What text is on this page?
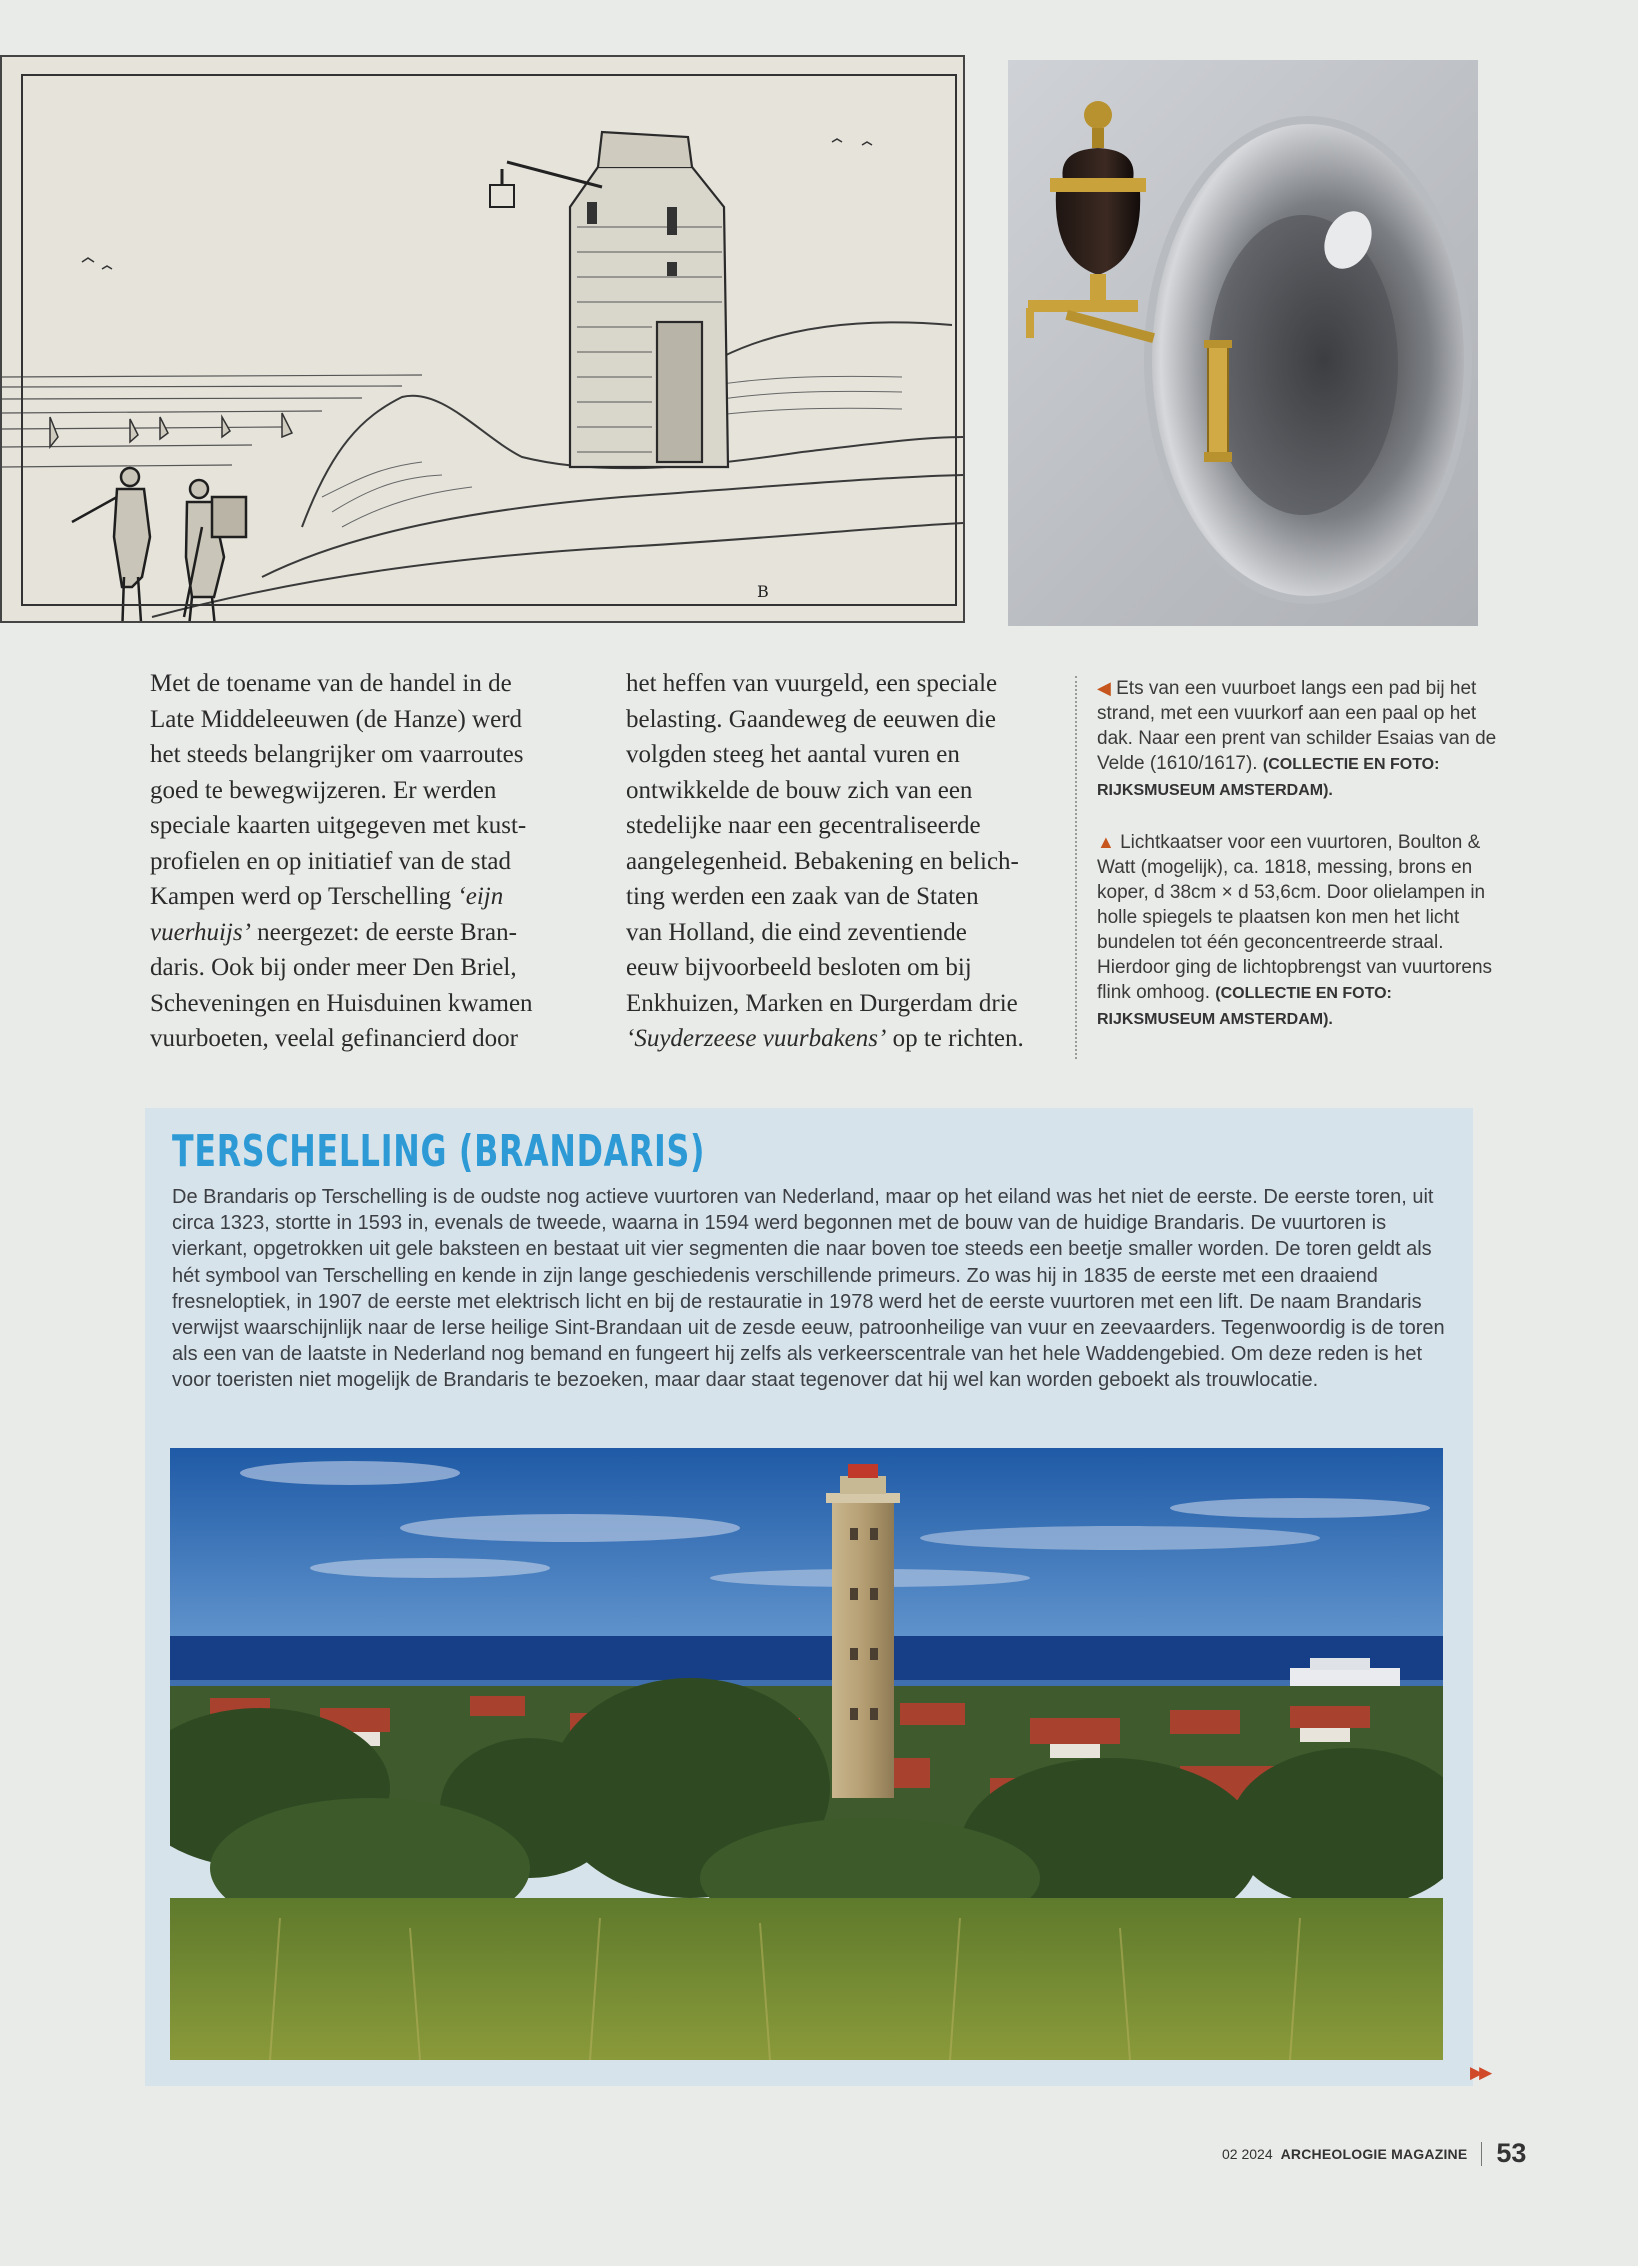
B

Met de toename van de handel in de
Late Middeleeuwen (de Hanze) werd
het steeds belangrijker om vaarroutes
goed te bewegwijzeren. Er werden
speciale kaarten uitgegeven met kust-
profielen en op initiatief van de stad
Kampen werd op Terschelling ‘eijn
vuerhuijs’ neergezet: de eerste Bran-
daris. Ook bij onder meer Den Briel,
Scheveningen en Huisduinen kwamen
vuurboeten, veelal gefinancierd door

het heffen van vuurgeld, een speciale
belasting. Gaandeweg de eeuwen die
volgden steeg het aantal vuren en
ontwikkelde de bouw zich van een
stedelijke naar een gecentraliseerde
aangelegenheid. Bebakening en belich-
ting werden een zaak van de Staten
van Holland, die eind zeventiende
eeuw bijvoorbeeld besloten om bij
Enkhuizen, Marken en Durgerdam drie
‘Suyderzeese vuurbakens’ op te richten.

◀ Ets van een vuurboet langs een pad bij het strand, met een vuurkorf aan een paal op het dak. Naar een prent van schilder Esaias van de Velde (1610/1617). (COLLECTIE EN FOTO: RIJKSMUSEUM AMSTERDAM).

▲ Lichtkaatser voor een vuurtoren, Boulton & Watt (mogelijk), ca. 1818, messing, brons en koper, d 38cm × d 53,6cm. Door olielampen in holle spiegels te plaatsen kon men het licht bundelen tot één geconcentreerde straal. Hierdoor ging de lichtopbrengst van vuurtorens flink omhoog. (COLLECTIE EN FOTO: RIJKSMUSEUM AMSTERDAM).

TERSCHELLING (BRANDARIS)

De Brandaris op Terschelling is de oudste nog actieve vuurtoren van Nederland, maar op het eiland was het niet de eerste. De eerste toren, uit circa 1323, stortte in 1593 in, evenals de tweede, waarna in 1594 werd begonnen met de bouw van de huidige Brandaris. De vuurtoren is vierkant, opgetrokken uit gele baksteen en bestaat uit vier segmenten die naar boven toe steeds een beetje smaller worden. De toren geldt als hét symbool van Terschelling en kende in zijn lange geschiedenis verschillende primeurs. Zo was hij in 1835 de eerste met een draaiend fresneloptiek, in 1907 de eerste met elektrisch licht en bij de restauratie in 1978 werd het de eerste vuurtoren met een lift. De naam Brandaris verwijst waarschijnlijk naar de Ierse heilige Sint-Brandaan uit de zesde eeuw, patroonheilige van vuur en zeevaarders. Tegenwoordig is de toren als een van de laatste in Nederland nog bemand en fungeert hij zelfs als verkeerscentrale van het hele Waddengebied. Om deze reden is het voor toeristen niet mogelijk de Brandaris te bezoeken, maar daar staat tegenover dat hij wel kan worden geboekt als trouwlocatie.

▶▶
02 2024 ARCHEOLOGIE MAGAZINE 53
